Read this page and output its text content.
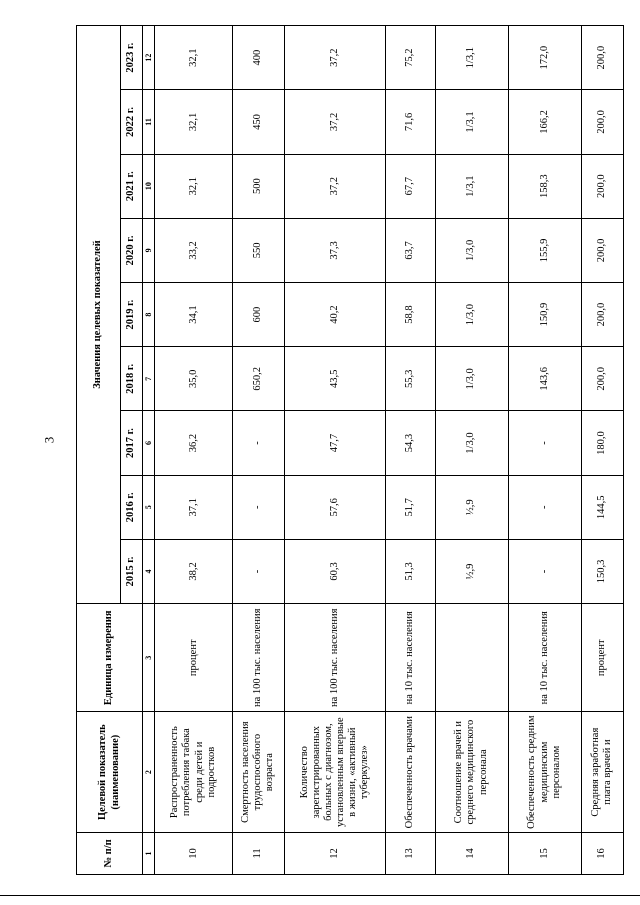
3
№ п/п	Целевой показатель (наименование)	Единица измерения	Значения целевых показателей								
			2015 г.	2016 г.	2017 г.	2018 г.	2019 г.	2020 г.	2021 г.	2022 г.	2023 г.
1	2	3	4	5	6	7	8	9	10	11	12
10	Распространенность потребления табака среди детей и подростков	процент	38,2	37,1	36,2	35,0	34,1	33,2	32,1	32,1	32,1
11	Смертность населения трудоспособного возраста	на 100 тыс. населения	-	-	-	650,2	600	550	500	450	400
12	Количество зарегистрированных больных с диагнозом, установленным впервые в жизни, «активный туберкулез»	на 100 тыс. населения	60,3	57,6	47,7	43,5	40,2	37,3	37,2	37,2	37,2
13	Обеспеченность врачами	на 10 тыс. населения	51,3	51,7	54,3	55,3	58,8	63,7	67,7	71,6	75,2
14	Соотношение врачей и среднего медицинского персонала		½,9	½,9	1/3,0	1/3,0	1/3,0	1/3,0	1/3,1	1/3,1	1/3,1
15	Обеспеченность средним медицинским персоналом	на 10 тыс. населения	-	-	-	143,6	150,9	155,9	158,3	166,2	172,0
16	Средняя заработная плата врачей и	процент	150,3	144,5	180,0	200,0	200,0	200,0	200,0	200,0	200,0
